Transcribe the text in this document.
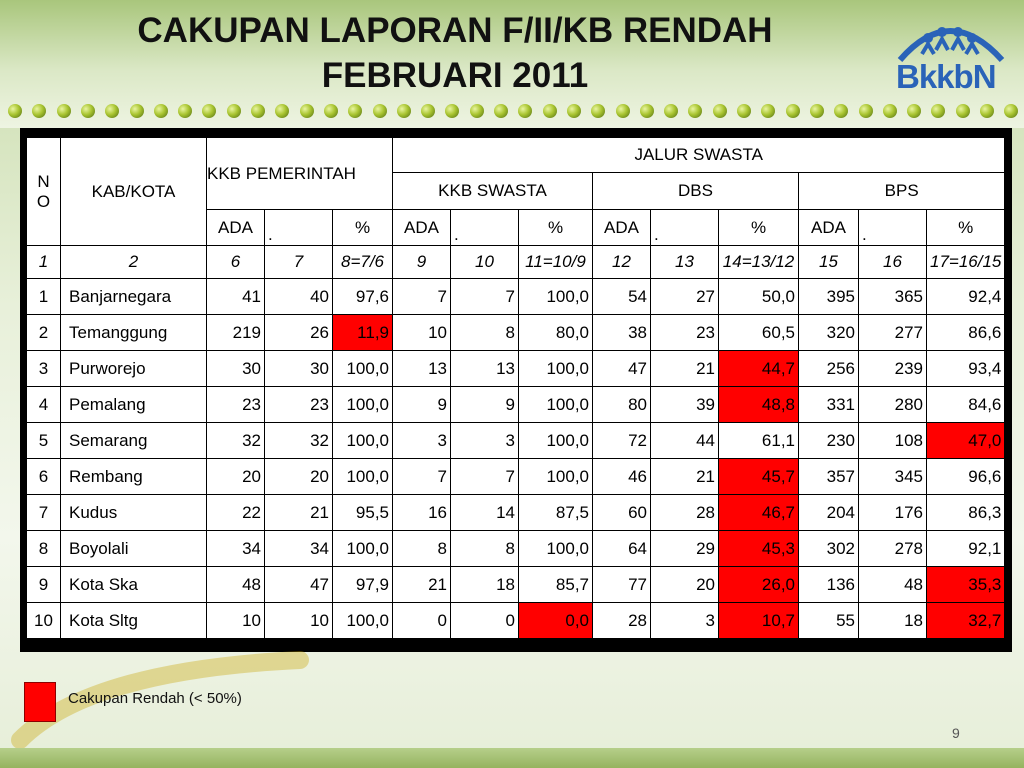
CAKUPAN LAPORAN F/II/KB RENDAH
FEBRUARI 2011	BkkbN
N O	KAB/KOTA	KKB PEMERINTAH			JALUR SWASTA								
					KKB SWASTA			DBS			BPS		
		ADA	.	%	ADA	.	%	ADA	.	%	ADA	.	%
1	2	6	7	8=7/6	9	10	11=10/9	12	13	14=13/12	15	16	17=16/15
1	Banjarnegara	41	40	97,6	7	7	100,0	54	27	50,0	395	365	92,4
2	Temanggung	219	26	11,9	10	8	80,0	38	23	60,5	320	277	86,6
3	Purworejo	30	30	100,0	13	13	100,0	47	21	44,7	256	239	93,4
4	Pemalang	23	23	100,0	9	9	100,0	80	39	48,8	331	280	84,6
5	Semarang	32	32	100,0	3	3	100,0	72	44	61,1	230	108	47,0
6	Rembang	20	20	100,0	7	7	100,0	46	21	45,7	357	345	96,6
7	Kudus	22	21	95,5	16	14	87,5	60	28	46,7	204	176	86,3
8	Boyolali	34	34	100,0	8	8	100,0	64	29	45,3	302	278	92,1
9	Kota Ska	48	47	97,9	21	18	85,7	77	20	26,0	136	48	35,3
10	Kota Sltg	10	10	100,0	0	0	0,0	28	3	10,7	55	18	32,7
Cakupan Rendah (< 50%)
9
